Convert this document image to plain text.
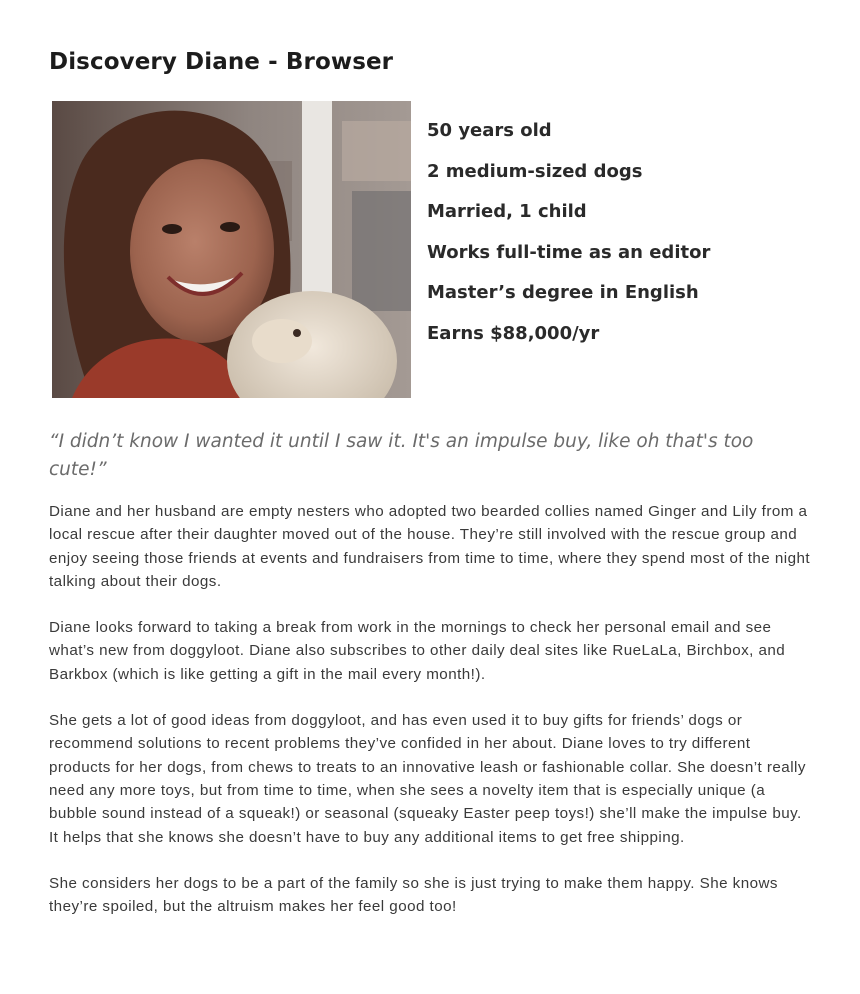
Discovery Diane - Browser
50 years old
2 medium-sized dogs
Married, 1 child
Works full-time as an editor
Master’s degree in English
Earns $88,000/yr

“I didn’t know I wanted it until I saw it. It's an impulse buy, like oh that's too cute!”

Diane and her husband are empty nesters who adopted two bearded collies named Ginger and Lily from a local rescue after their daughter moved out of the house. They’re still involved with the rescue group and enjoy seeing those friends at events and fundraisers from time to time, where they spend most of the night talking about their dogs.

Diane looks forward to taking a break from work in the mornings to check her personal email and see what’s new from doggyloot. Diane also subscribes to other daily deal sites like RueLaLa, Birchbox, and Barkbox (which is like getting a gift in the mail every month!).

She gets a lot of good ideas from doggyloot, and has even used it to buy gifts for friends’ dogs or recommend solutions to recent problems they’ve confided in her about. Diane loves to try different products for her dogs, from chews to treats to an innovative leash or fashionable collar. She doesn’t really need any more toys, but from time to time, when she sees a novelty item that is especially unique (a bubble sound instead of a squeak!) or seasonal (squeaky Easter peep toys!) she’ll make the impulse buy. It helps that she knows she doesn’t have to buy any additional items to get free shipping.

She considers her dogs to be a part of the family so she is just trying to make them happy. She knows they’re spoiled, but the altruism makes her feel good too!
